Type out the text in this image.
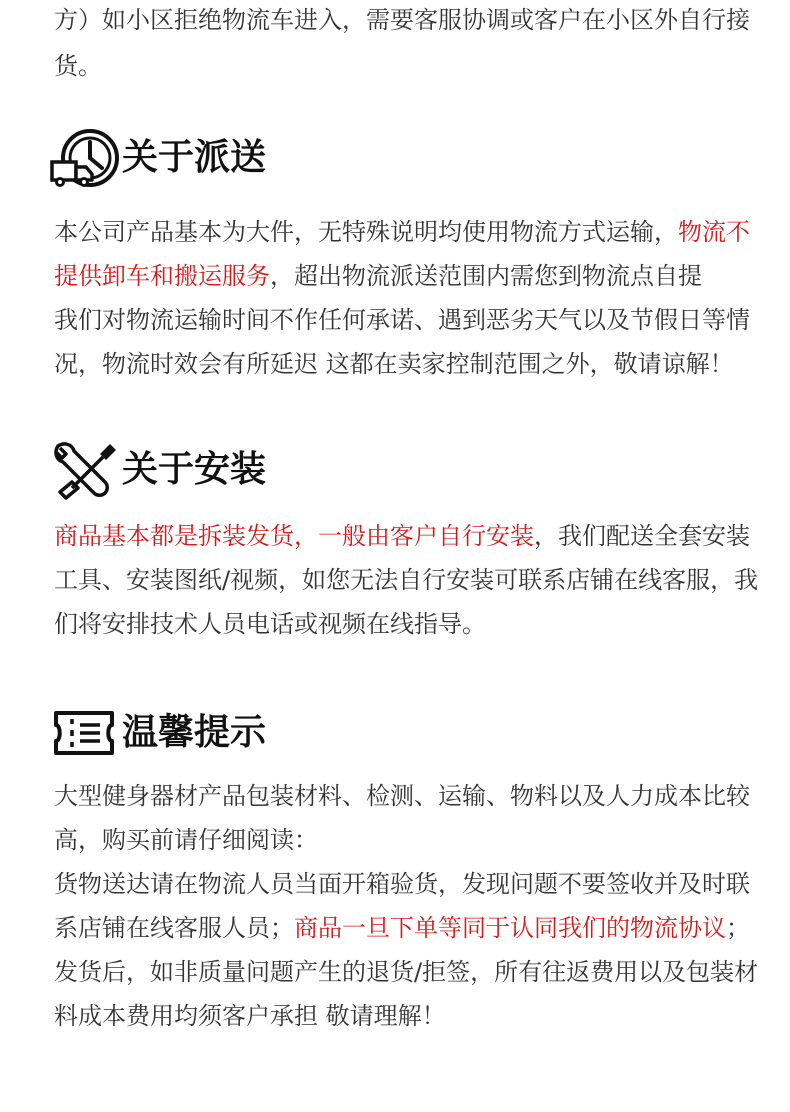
方）如小区拒绝物流车进入，需要客服协调或客户在小区外自行接
货。
关于派送
本公司产品基本为大件，无特殊说明均使用物流方式运输，物流不
提供卸车和搬运服务，超出物流派送范围内需您到物流点自提
我们对物流运输时间不作任何承诺、遇到恶劣天气以及节假日等情
况，物流时效会有所延迟 这都在卖家控制范围之外，敬请谅解！
关于安装
商品基本都是拆装发货，一般由客户自行安装，我们配送全套安装
工具、安装图纸/视频，如您无法自行安装可联系店铺在线客服，我
们将安排技术人员电话或视频在线指导。
温馨提示
大型健身器材产品包装材料、检测、运输、物料以及人力成本比较
高，购买前请仔细阅读：
货物送达请在物流人员当面开箱验货，发现问题不要签收并及时联
系店铺在线客服人员；商品一旦下单等同于认同我们的物流协议；
发货后，如非质量问题产生的退货/拒签，所有往返费用以及包装材
料成本费用均须客户承担 敬请理解！
